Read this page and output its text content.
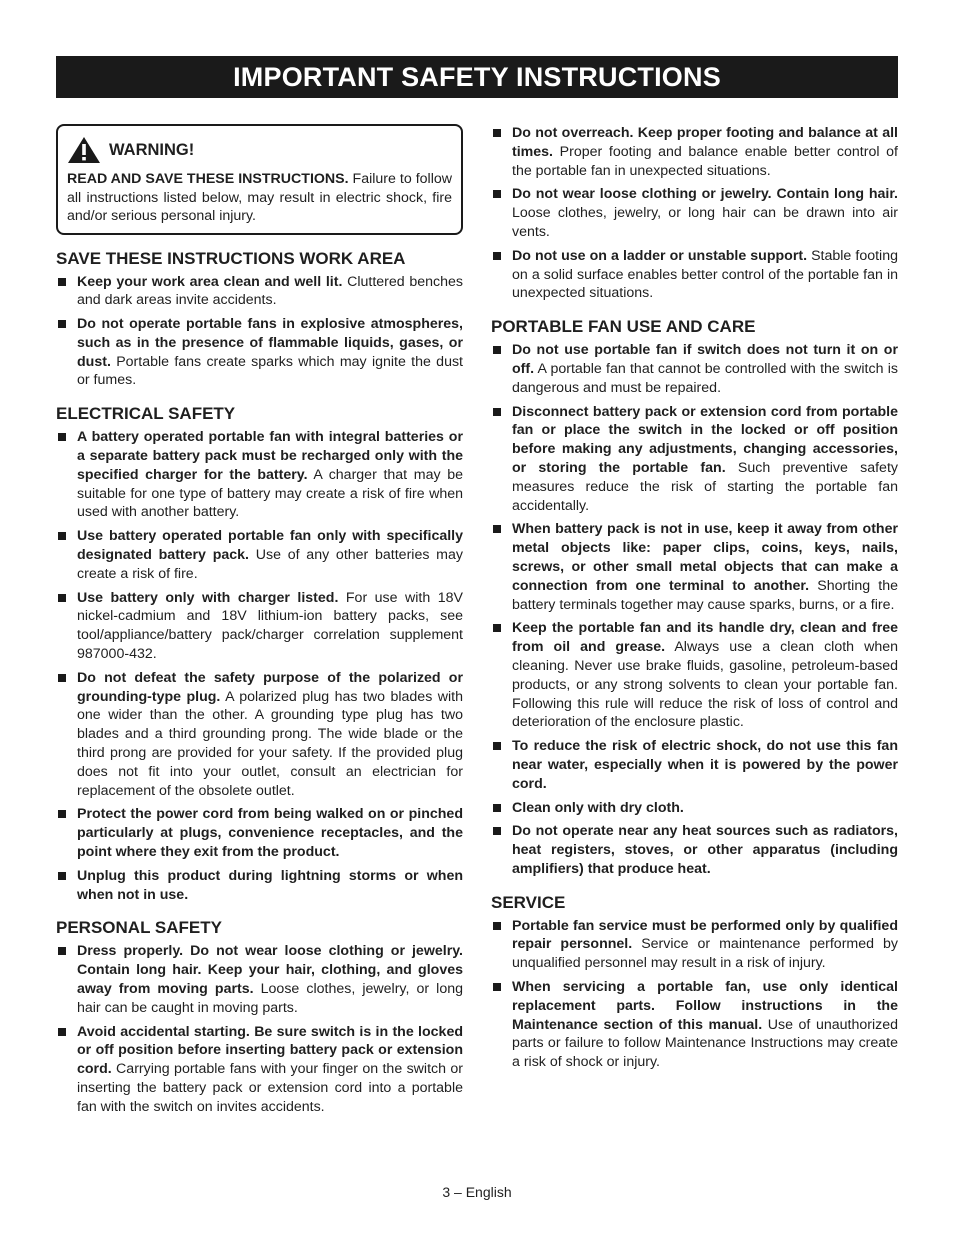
IMPORTANT SAFETY INSTRUCTIONS
WARNING!
READ AND SAVE THESE INSTRUCTIONS. Failure to follow all instructions listed below, may result in electric shock, fire and/or serious personal injury.
SAVE THESE INSTRUCTIONS WORK AREA
Keep your work area clean and well lit. Cluttered benches and dark areas invite accidents.
Do not operate portable fans in explosive atmospheres, such as in the presence of flammable liquids, gases, or dust. Portable fans create sparks which may ignite the dust or fumes.
ELECTRICAL SAFETY
A battery operated portable fan with integral batteries or a separate battery pack must be recharged only with the specified charger for the battery. A charger that may be suitable for one type of battery may create a risk of fire when used with another battery.
Use battery operated portable fan only with specifically designated battery pack. Use of any other batteries may create a risk of fire.
Use battery only with charger listed. For use with 18V nickel-cadmium and 18V lithium-ion battery packs, see tool/appliance/battery pack/charger correlation supplement 987000-432.
Do not defeat the safety purpose of the polarized or grounding-type plug. A polarized plug has two blades with one wider than the other. A grounding type plug has two blades and a third grounding prong. The wide blade or the third prong are provided for your safety. If the provided plug does not fit into your outlet, consult an electrician for replacement of the obsolete outlet.
Protect the power cord from being walked on or pinched particularly at plugs, convenience receptacles, and the point where they exit from the product.
Unplug this product during lightning storms or when when not in use.
PERSONAL SAFETY
Dress properly. Do not wear loose clothing or jewelry. Contain long hair. Keep your hair, clothing, and gloves away from moving parts. Loose clothes, jewelry, or long hair can be caught in moving parts.
Avoid accidental starting. Be sure switch is in the locked or off position before inserting battery pack or extension cord. Carrying portable fans with your finger on the switch or inserting the battery pack or extension cord into a portable fan with the switch on invites accidents.
Do not overreach. Keep proper footing and balance at all times. Proper footing and balance enable better control of the portable fan in unexpected situations.
Do not wear loose clothing or jewelry. Contain long hair. Loose clothes, jewelry, or long hair can be drawn into air vents.
Do not use on a ladder or unstable support. Stable footing on a solid surface enables better control of the portable fan in unexpected situations.
PORTABLE FAN USE AND CARE
Do not use portable fan if switch does not turn it on or off. A portable fan that cannot be controlled with the switch is dangerous and must be repaired.
Disconnect battery pack or extension cord from portable fan or place the switch in the locked or off position before making any adjustments, changing accessories, or storing the portable fan. Such preventive safety measures reduce the risk of starting the portable fan accidentally.
When battery pack is not in use, keep it away from other metal objects like: paper clips, coins, keys, nails, screws, or other small metal objects that can make a connection from one terminal to another. Shorting the battery terminals together may cause sparks, burns, or a fire.
Keep the portable fan and its handle dry, clean and free from oil and grease. Always use a clean cloth when cleaning. Never use brake fluids, gasoline, petroleum-based products, or any strong solvents to clean your portable fan. Following this rule will reduce the risk of loss of control and deterioration of the enclosure plastic.
To reduce the risk of electric shock, do not use this fan near water, especially when it is powered by the power cord.
Clean only with dry cloth.
Do not operate near any heat sources such as radiators, heat registers, stoves, or other apparatus (including amplifiers) that produce heat.
SERVICE
Portable fan service must be performed only by qualified repair personnel. Service or maintenance performed by unqualified personnel may result in a risk of injury.
When servicing a portable fan, use only identical replacement parts. Follow instructions in the Maintenance section of this manual. Use of unauthorized parts or failure to follow Maintenance Instructions may create a risk of shock or injury.
3 – English
